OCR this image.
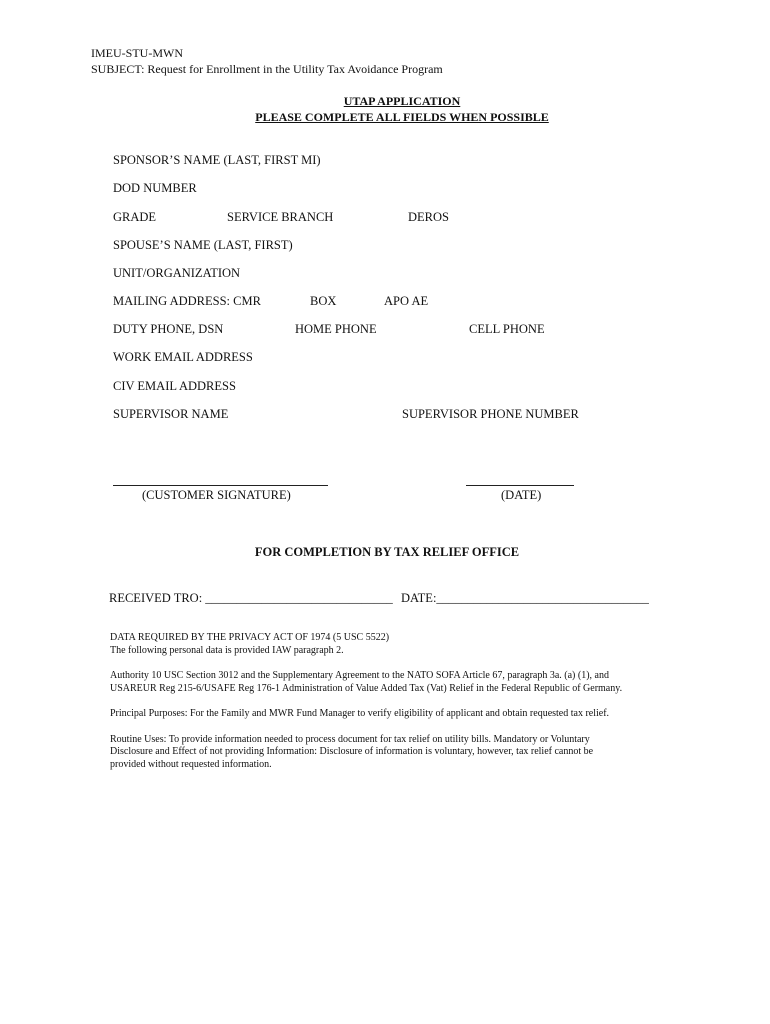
IMEU-STU-MWN
SUBJECT: Request for Enrollment in the Utility Tax Avoidance Program
UTAP APPLICATION
PLEASE COMPLETE ALL FIELDS WHEN POSSIBLE
SPONSOR’S NAME (LAST, FIRST MI)
DOD NUMBER
GRADE	SERVICE BRANCH	DEROS
SPOUSE’S NAME (LAST, FIRST)
UNIT/ORGANIZATION
MAILING ADDRESS: CMR	BOX	APO AE
DUTY PHONE, DSN	HOME PHONE	CELL PHONE
WORK EMAIL ADDRESS
CIV EMAIL ADDRESS
SUPERVISOR NAME	SUPERVISOR PHONE NUMBER
(CUSTOMER SIGNATURE)	(DATE)
FOR COMPLETION BY TAX RELIEF OFFICE
RECEIVED TRO: ______________________________ DATE:__________________________________

DATA REQUIRED BY THE PRIVACY ACT OF 1974 (5 USC 5522)
The following personal data is provided IAW paragraph 2.

Authority 10 USC Section 3012 and the Supplementary Agreement to the NATO SOFA Article 67, paragraph 3a. (a) (1), and
USAREUR Reg 215-6/USAFE Reg 176-1 Administration of Value Added Tax (Vat) Relief in the Federal Republic of Germany.

Principal Purposes: For the Family and MWR Fund Manager to verify eligibility of applicant and obtain requested tax relief.

Routine Uses: To provide information needed to process document for tax relief on utility bills. Mandatory or Voluntary
Disclosure and Effect of not providing Information: Disclosure of information is voluntary, however, tax relief cannot be
provided without requested information.
